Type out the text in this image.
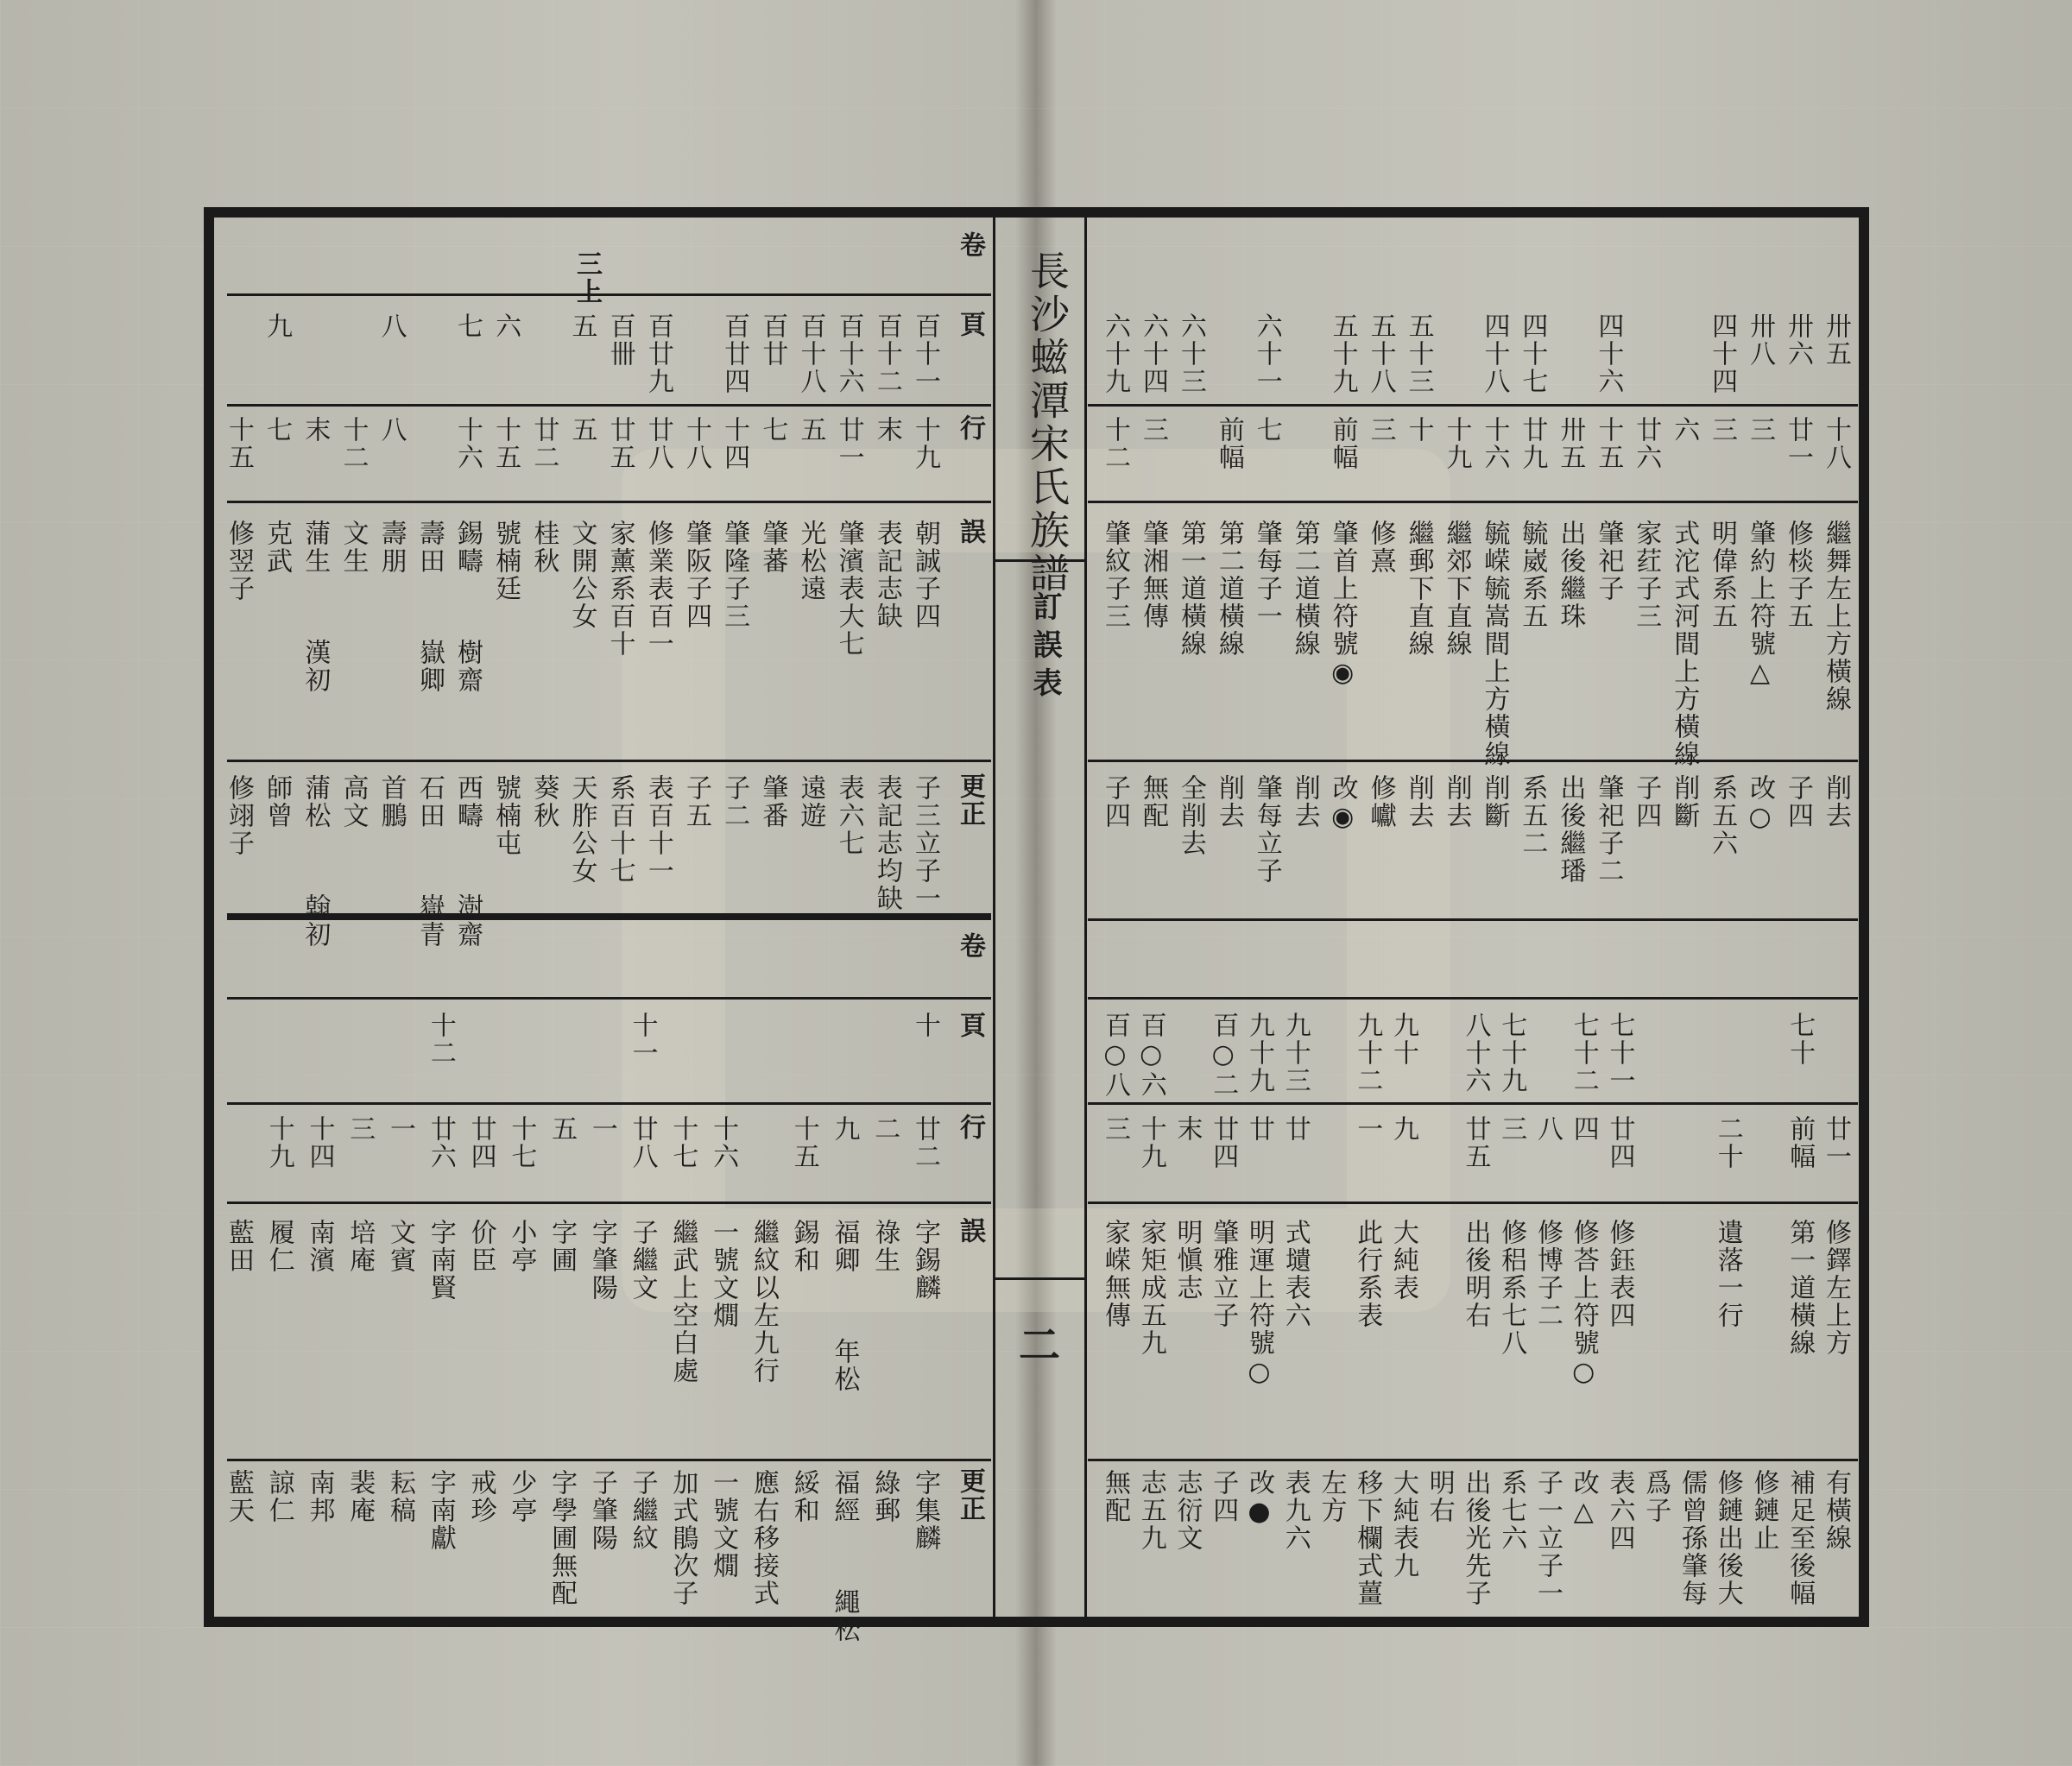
長沙螆潭宋氏族譜
訂誤表
二
卷
三上
頁
行
誤
更正
百十一
十九
朝誠子四
子三立子一
百十二
末
表記志缺
表記志均缺
百十六
廿一
肇濱表大七
表六七
百十八
五
光松遠
遠遊
百廿
七
肇蕃
肇番
百廿四
十四
肇隆子三
子二
十八
肇阪子四
子五
百廿九
廿八
修業表百一
表百十一
百卌
廿五
家薰系百十
系百十七
五
五
文開公女
天胙公女
廿二
桂秋
葵秋
六
十五
號楠廷
號楠屯
七
十六
錫疇  樹齋
西疇  澍齋
壽田  嶽卿
石田  嶽青
八
八
壽朋
首鵬
十二
文生
高文
末
蒲生  漢初
蒲松  翰初
九
七
克武
師曾
十五
修翌子
修翊子
卷
頁
行
誤
更正
十
廿二
字錫麟
字集麟
二
祿生
綠郵
九
福卿  年松
福經  繩松
十五
錫和
綏和
繼紋以左九行
應右移接式
十六
一號文燗
一號文燗
十七
繼武上空白處
加式鵑次子
十一
廿八
子繼文
子繼紋
一
字肇陽
子肇陽
五
字圃
字學圃無配
十七
小亭
少亭
廿四
价臣
戒珍
十二
廿六
字南賢
字南獻
一
文賓
耘稿
三
培庵
裴庵
十四
南濱
南邦
十九
履仁
諒仁
藍田
藍天
卅五
十八
繼舞左上方橫線
削去
卅六
廿一
修棪子五
子四
卅八
三
肇約上符號△
改○
四十四
三
明偉系五
系五六
六
式沱式河間上方橫線
削斷
廿六
家荭子三
子四
四十六
十五
肇祀子
肇祀子二
卅五
出後繼珠
出後繼璠
四十七
廿九
毓崴系五
系五二
四十八
十六
毓嵘毓嵩間上方橫線
削斷
十九
繼郊下直線
削去
五十三
十
繼郵下直線
削去
五十八
三
修熹
修巘
五十九
前幅
肇首上符號◉
改◉
第二道橫線
削去
六十一
七
肇每子一
肇每立子
前幅
第二道橫線
削去
六十三
第一道橫線
全削去
六十四
三
肇湘無傳
無配
六十九
十二
肇紋子三
子四
廿一
修鐸左上方
有橫線
七十
前幅
第一道橫線
補足至後幅
修鏈止
二十
遺落一行
修鏈出後大
儒曾孫肇每
爲子
七十一
廿四
修鈺表四
表六四
七十二
四
修荅上符號○
改△
八
修博子二
子一立子一
七十九
三
修稆系七八
系七六
八十六
廿五
出後明右
出後光先子
明右
九十
九
大純表
大純表九
九十二
一
此行系表
移下欄式薑
左方
九十三
廿
式壝表六
表九六
九十九
廿
明運上符號○
改●
百○二
廿四
肇雅立子
子四
末
明愼志
志衍文
百○六
十九
家矩成五九
志五九
百○八
三
家嵘無傳
無配
